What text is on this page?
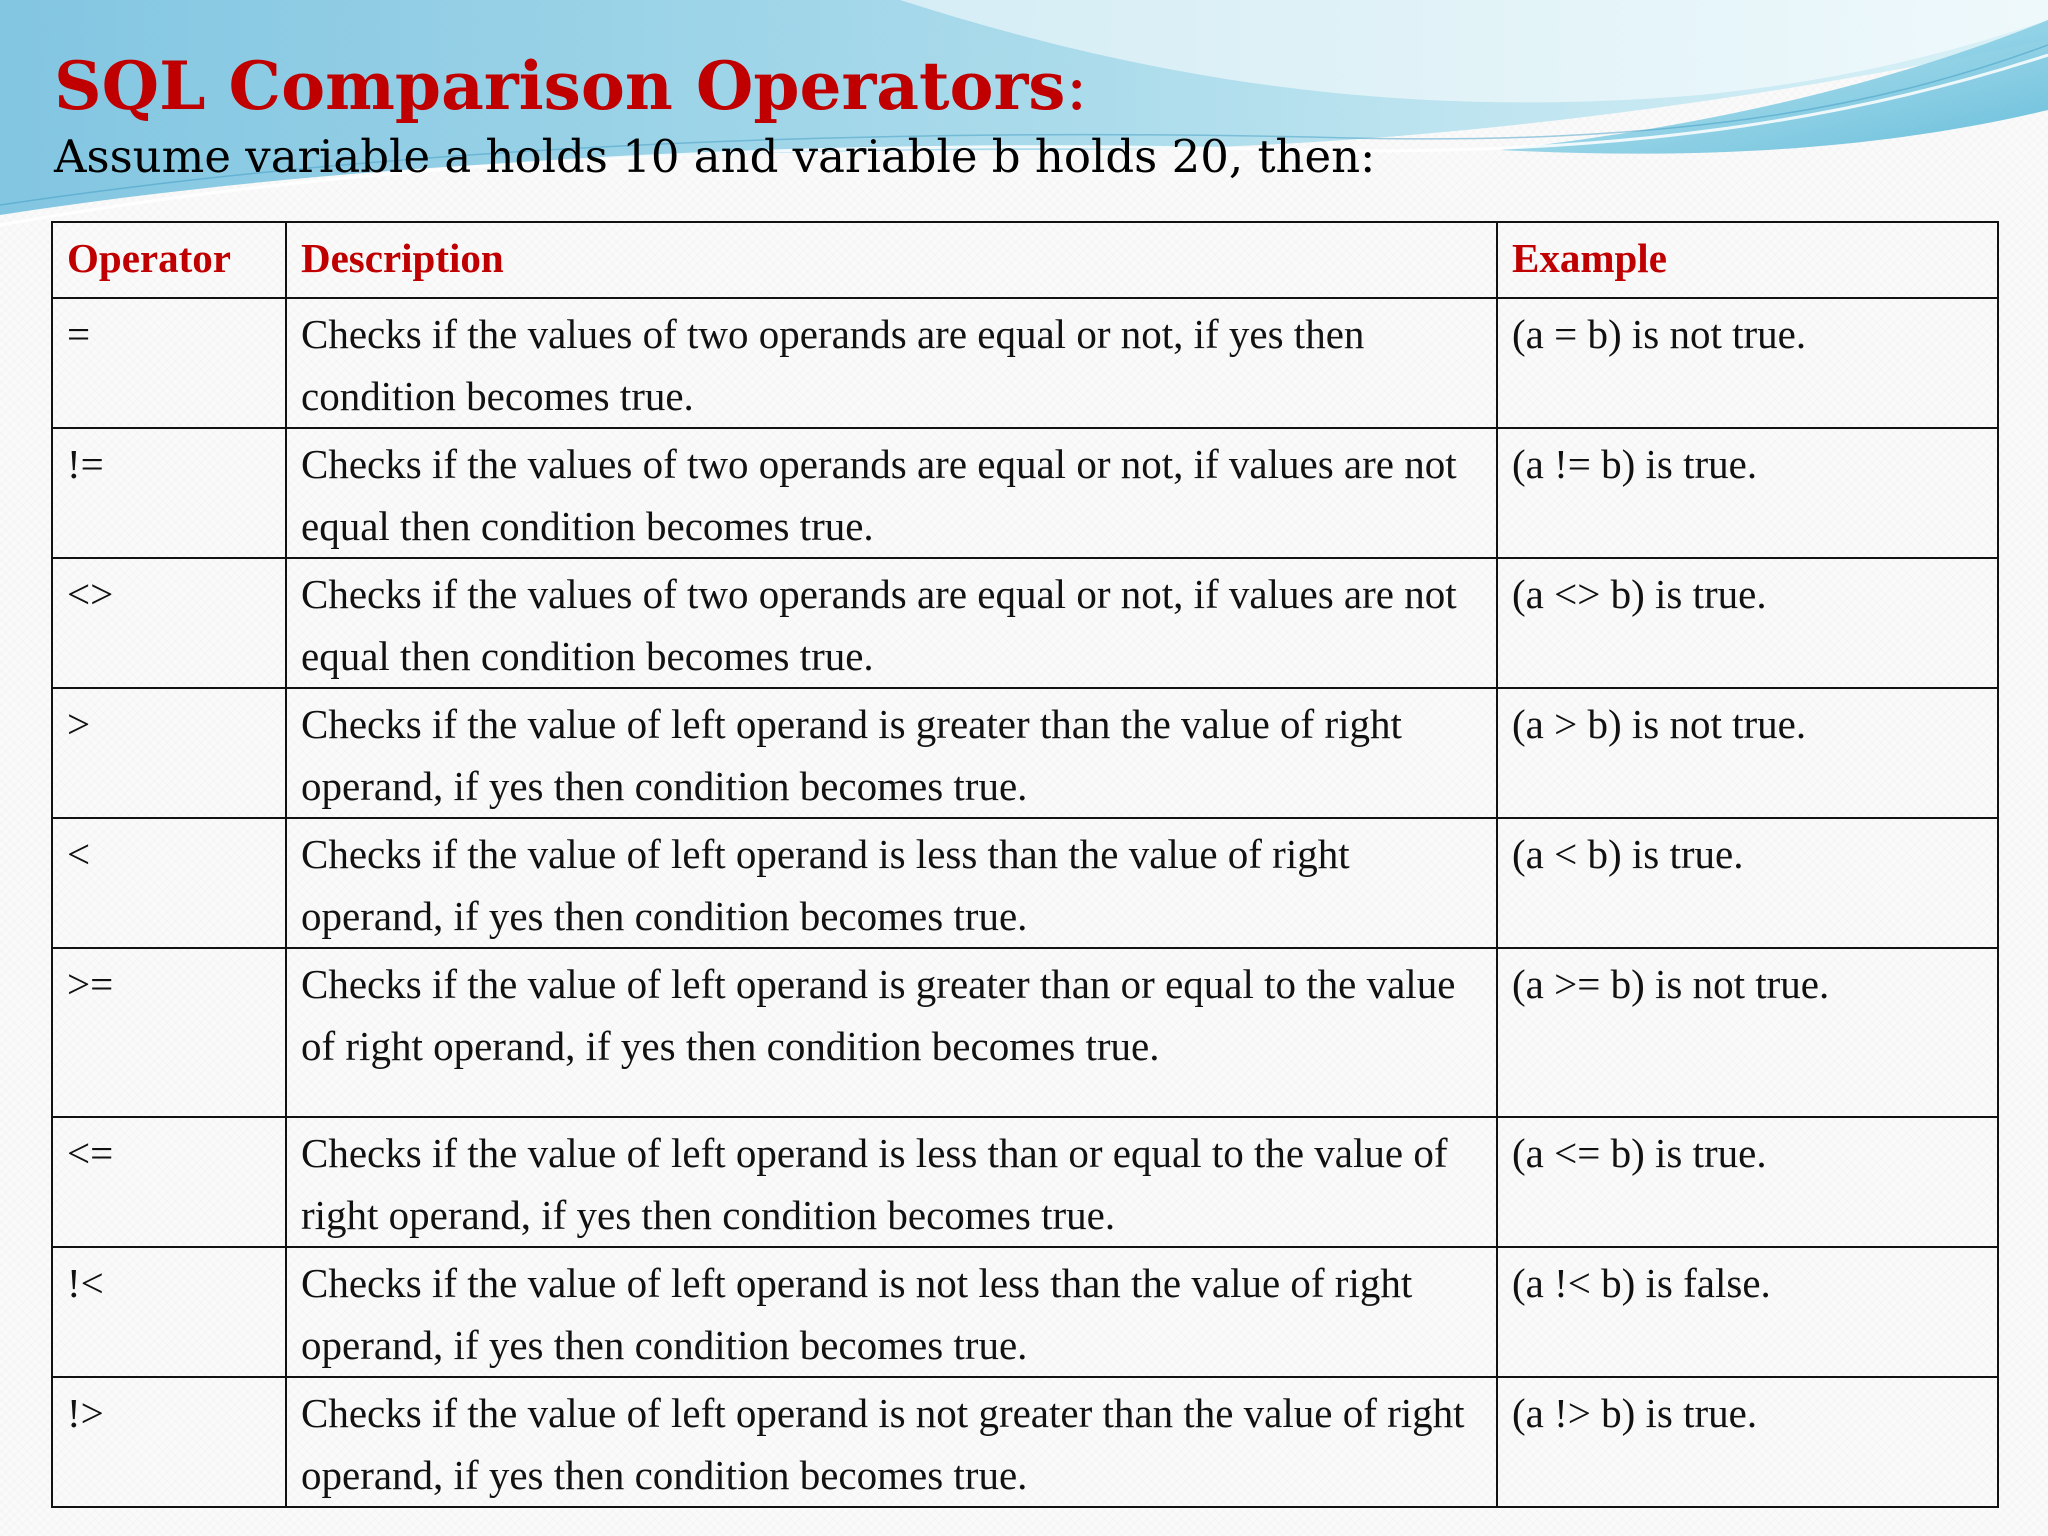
SQL Comparison Operators:

Assume variable a holds 10 and variable b holds 20, then:

Operator	Description	Example
=	Checks if the values of two operands are equal or not, if yes then condition becomes true.	(a = b) is not true.
!=	Checks if the values of two operands are equal or not, if values are not equal then condition becomes true.	(a != b) is true.
<>	Checks if the values of two operands are equal or not, if values are not equal then condition becomes true.	(a <> b) is true.
>	Checks if the value of left operand is greater than the value of right operand, if yes then condition becomes true.	(a > b) is not true.
<	Checks if the value of left operand is less than the value of right operand, if yes then condition becomes true.	(a < b) is true.
>=	Checks if the value of left operand is greater than or equal to the value of right operand, if yes then condition becomes true.	(a >= b) is not true.
<=	Checks if the value of left operand is less than or equal to the value of right operand, if yes then condition becomes true.	(a <= b) is true.
!<	Checks if the value of left operand is not less than the value of right operand, if yes then condition becomes true.	(a !< b) is false.
!>	Checks if the value of left operand is not greater than the value of right operand, if yes then condition becomes true.	(a !> b) is true.
